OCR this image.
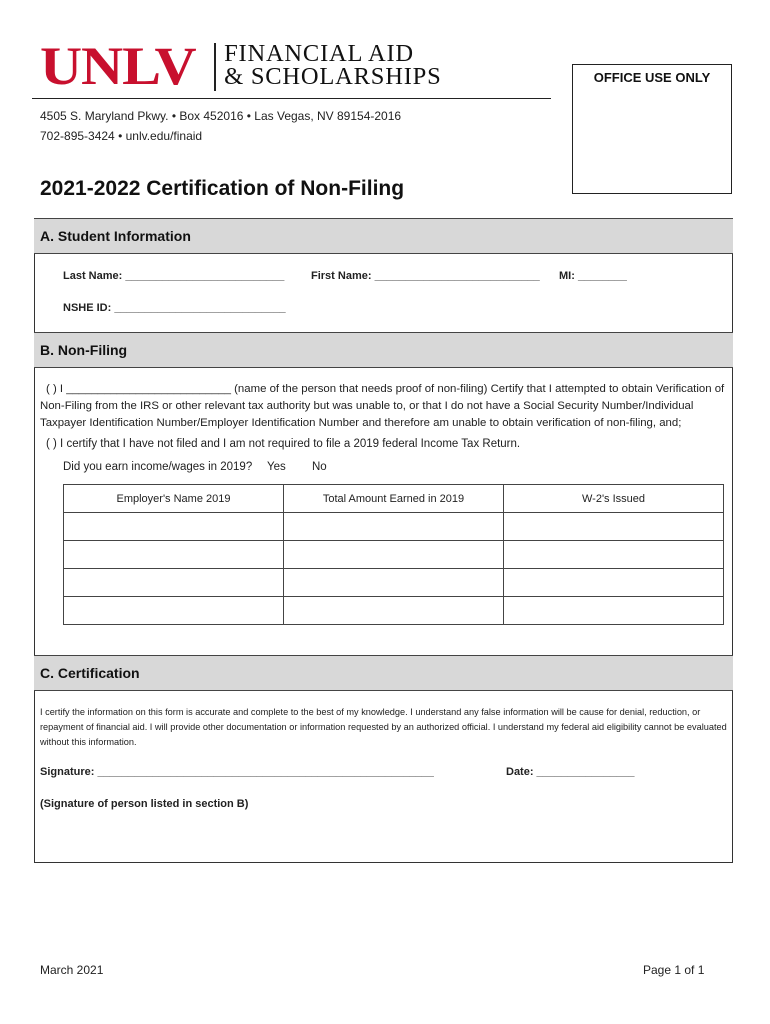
UNLV FINANCIAL AID
& SCHOLARSHIPS	OFFICE USE ONLY
4505 S. Maryland Pkwy. • Box 452016 • Las Vegas, NV 89154-2016
702-895-3424 • unlv.edu/finaid
2021-2022 Certification of Non-Filing
A. Student Information
Last Name: __________________________ First Name: ___________________________ MI: ________
NSHE ID: ____________________________
B. Non-Filing
( ) I __________________________ (name of the person that needs proof of non-filing) Certify that I attempted to obtain Verification of Non-Filing from the IRS or other relevant tax authority but was unable to, or that I do not have a Social Security Number/Individual Taxpayer Identification Number/Employer Identification Number and therefore am unable to obtain verification of non-filing, and;
( ) I certify that I have not filed and I am not required to file a 2019 federal Income Tax Return.
Did you earn income/wages in 2019? Yes No
Employer's Name 2019	Total Amount Earned in 2019	W-2's Issued

C. Certification
I certify the information on this form is accurate and complete to the best of my knowledge. I understand any false information will be cause for denial, reduction, or repayment of financial aid. I will provide other documentation or information requested by an authorized official. I understand my federal aid eligibility cannot be evaluated without this information.
Signature: _______________________________________________________	Date: ________________
(Signature of person listed in section B)
March 2021	Page 1 of 1
